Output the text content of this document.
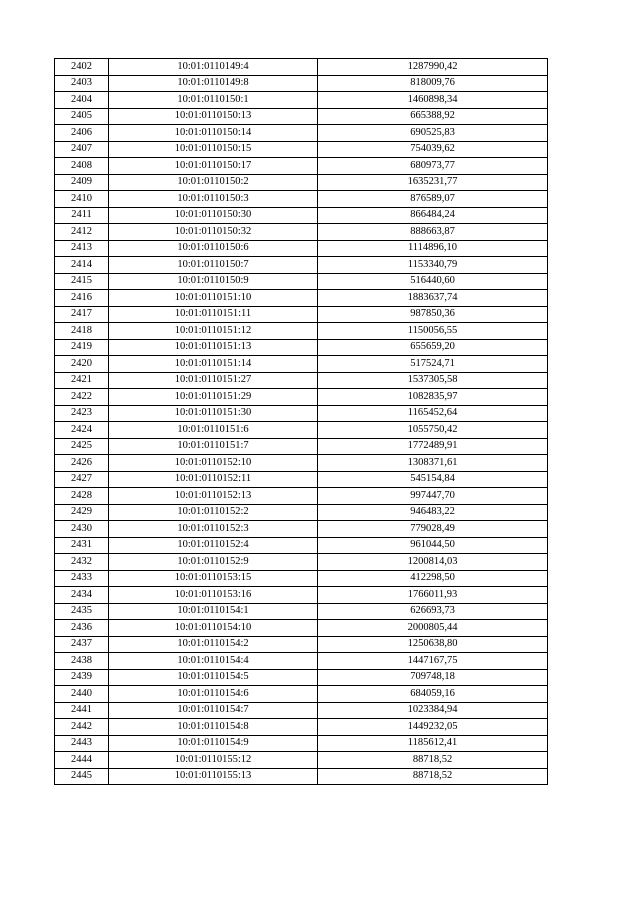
2402	10:01:0110149:4	1287990,42
2403	10:01:0110149:8	818009,76
2404	10:01:0110150:1	1460898,34
2405	10:01:0110150:13	665388,92
2406	10:01:0110150:14	690525,83
2407	10:01:0110150:15	754039,62
2408	10:01:0110150:17	680973,77
2409	10:01:0110150:2	1635231,77
2410	10:01:0110150:3	876589,07
2411	10:01:0110150:30	866484,24
2412	10:01:0110150:32	888663,87
2413	10:01:0110150:6	1114896,10
2414	10:01:0110150:7	1153340,79
2415	10:01:0110150:9	516440,60
2416	10:01:0110151:10	1883637,74
2417	10:01:0110151:11	987850,36
2418	10:01:0110151:12	1150056,55
2419	10:01:0110151:13	655659,20
2420	10:01:0110151:14	517524,71
2421	10:01:0110151:27	1537305,58
2422	10:01:0110151:29	1082835,97
2423	10:01:0110151:30	1165452,64
2424	10:01:0110151:6	1055750,42
2425	10:01:0110151:7	1772489,91
2426	10:01:0110152:10	1308371,61
2427	10:01:0110152:11	545154,84
2428	10:01:0110152:13	997447,70
2429	10:01:0110152:2	946483,22
2430	10:01:0110152:3	779028,49
2431	10:01:0110152:4	961044,50
2432	10:01:0110152:9	1200814,03
2433	10:01:0110153:15	412298,50
2434	10:01:0110153:16	1766011,93
2435	10:01:0110154:1	626693,73
2436	10:01:0110154:10	2000805,44
2437	10:01:0110154:2	1250638,80
2438	10:01:0110154:4	1447167,75
2439	10:01:0110154:5	709748,18
2440	10:01:0110154:6	684059,16
2441	10:01:0110154:7	1023384,94
2442	10:01:0110154:8	1449232,05
2443	10:01:0110154:9	1185612,41
2444	10:01:0110155:12	88718,52
2445	10:01:0110155:13	88718,52
